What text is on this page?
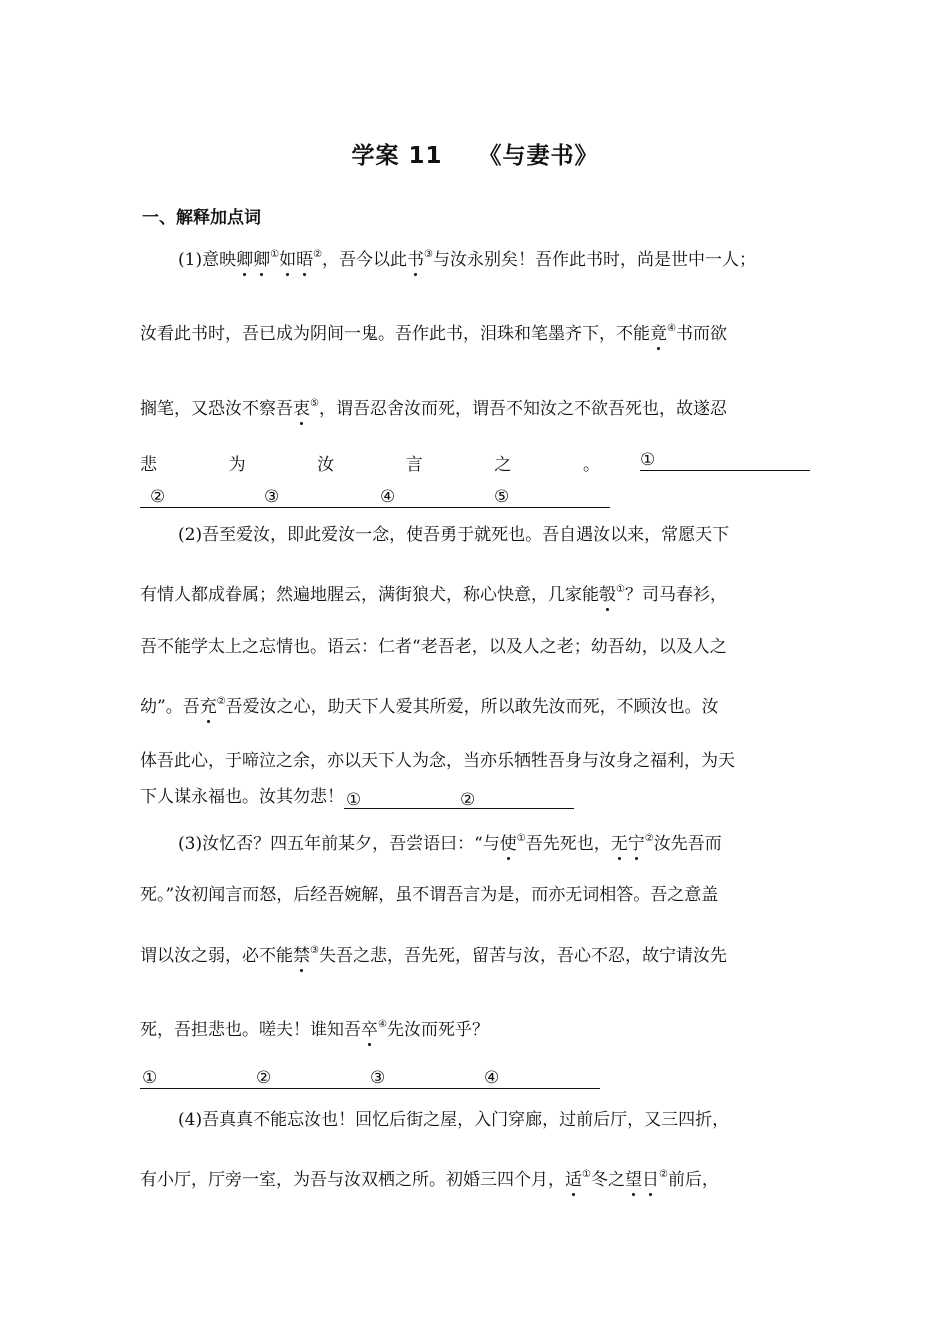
学案 11 《与妻书》
一、解释加点词
(1)意映卿卿①如晤②，吾今以此书③与汝永别矣！吾作此书时，尚是世中一人；
汝看此书时，吾已成为阴间一鬼。吾作此书，泪珠和笔墨齐下，不能竟④书而欲
搁笔，又恐汝不察吾衷⑤，谓吾忍舍汝而死，谓吾不知汝之不欲吾死也，故遂忍
悲	为	汝	言	之	。 ①
②	③	④	⑤
(2)吾至爱汝，即此爱汝一念，使吾勇于就死也。吾自遇汝以来，常愿天下
有情人都成眷属；然遍地腥云，满街狼犬，称心快意，几家能彀①？司马春衫，
吾不能学太上之忘情也。语云：仁者“老吾老，以及人之老；幼吾幼，以及人之
幼”。吾充②吾爱汝之心，助天下人爱其所爱，所以敢先汝而死，不顾汝也。汝
体吾此心，于啼泣之余，亦以天下人为念，当亦乐牺牲吾身与汝身之福利，为天
下人谋永福也。汝其勿悲！ ①	②
(3)汝忆否？四五年前某夕，吾尝语曰：“与使①吾先死也，无宁②汝先吾而
死。”汝初闻言而怒，后经吾婉解，虽不谓吾言为是，而亦无词相答。吾之意盖
谓以汝之弱，必不能禁③失吾之悲，吾先死，留苦与汝，吾心不忍，故宁请汝先
死，吾担悲也。嗟夫！谁知吾卒④先汝而死乎？
①	②	③	④
(4)吾真真不能忘汝也！回忆后街之屋，入门穿廊，过前后厅，又三四折，
有小厅，厅旁一室，为吾与汝双栖之所。初婚三四个月，适①冬之望日②前后，
